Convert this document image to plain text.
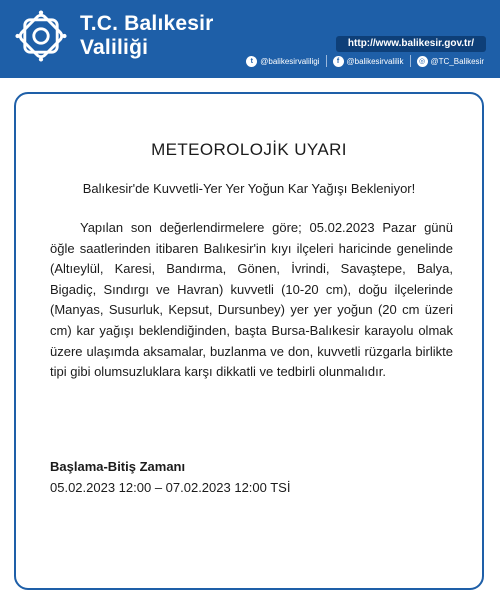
T.C. Balıkesir
Valiliği	http://www.balikesir.gov.tr/
t @balikesirvaliligi	f @balikesirvalilik	◎ @TC_Balikesir
METEOROLOJİK UYARI
Balıkesir'de Kuvvetli-Yer Yer Yoğun Kar Yağışı Bekleniyor!

Yapılan son değerlendirmelere göre; 05.02.2023 Pazar günü öğle saatlerinden itibaren Balıkesir'in kıyı ilçeleri haricinde genelinde (Altıeylül, Karesi, Bandırma, Gönen, İvrindi, Savaştepe, Balya, Bigadiç, Sındırgı ve Havran) kuvvetli (10-20 cm), doğu ilçelerinde (Manyas, Susurluk, Kepsut, Dursunbey) yer yer yoğun (20 cm üzeri cm) kar yağışı beklendiğinden, başta Bursa-Balıkesir karayolu olmak üzere ulaşımda aksamalar, buzlanma ve don, kuvvetli rüzgarla birlikte tipi gibi olumsuzluklara karşı dikkatli ve tedbirli olunmalıdır.

Başlama-Bitiş Zamanı
05.02.2023 12:00 – 07.02.2023 12:00 TSİ
